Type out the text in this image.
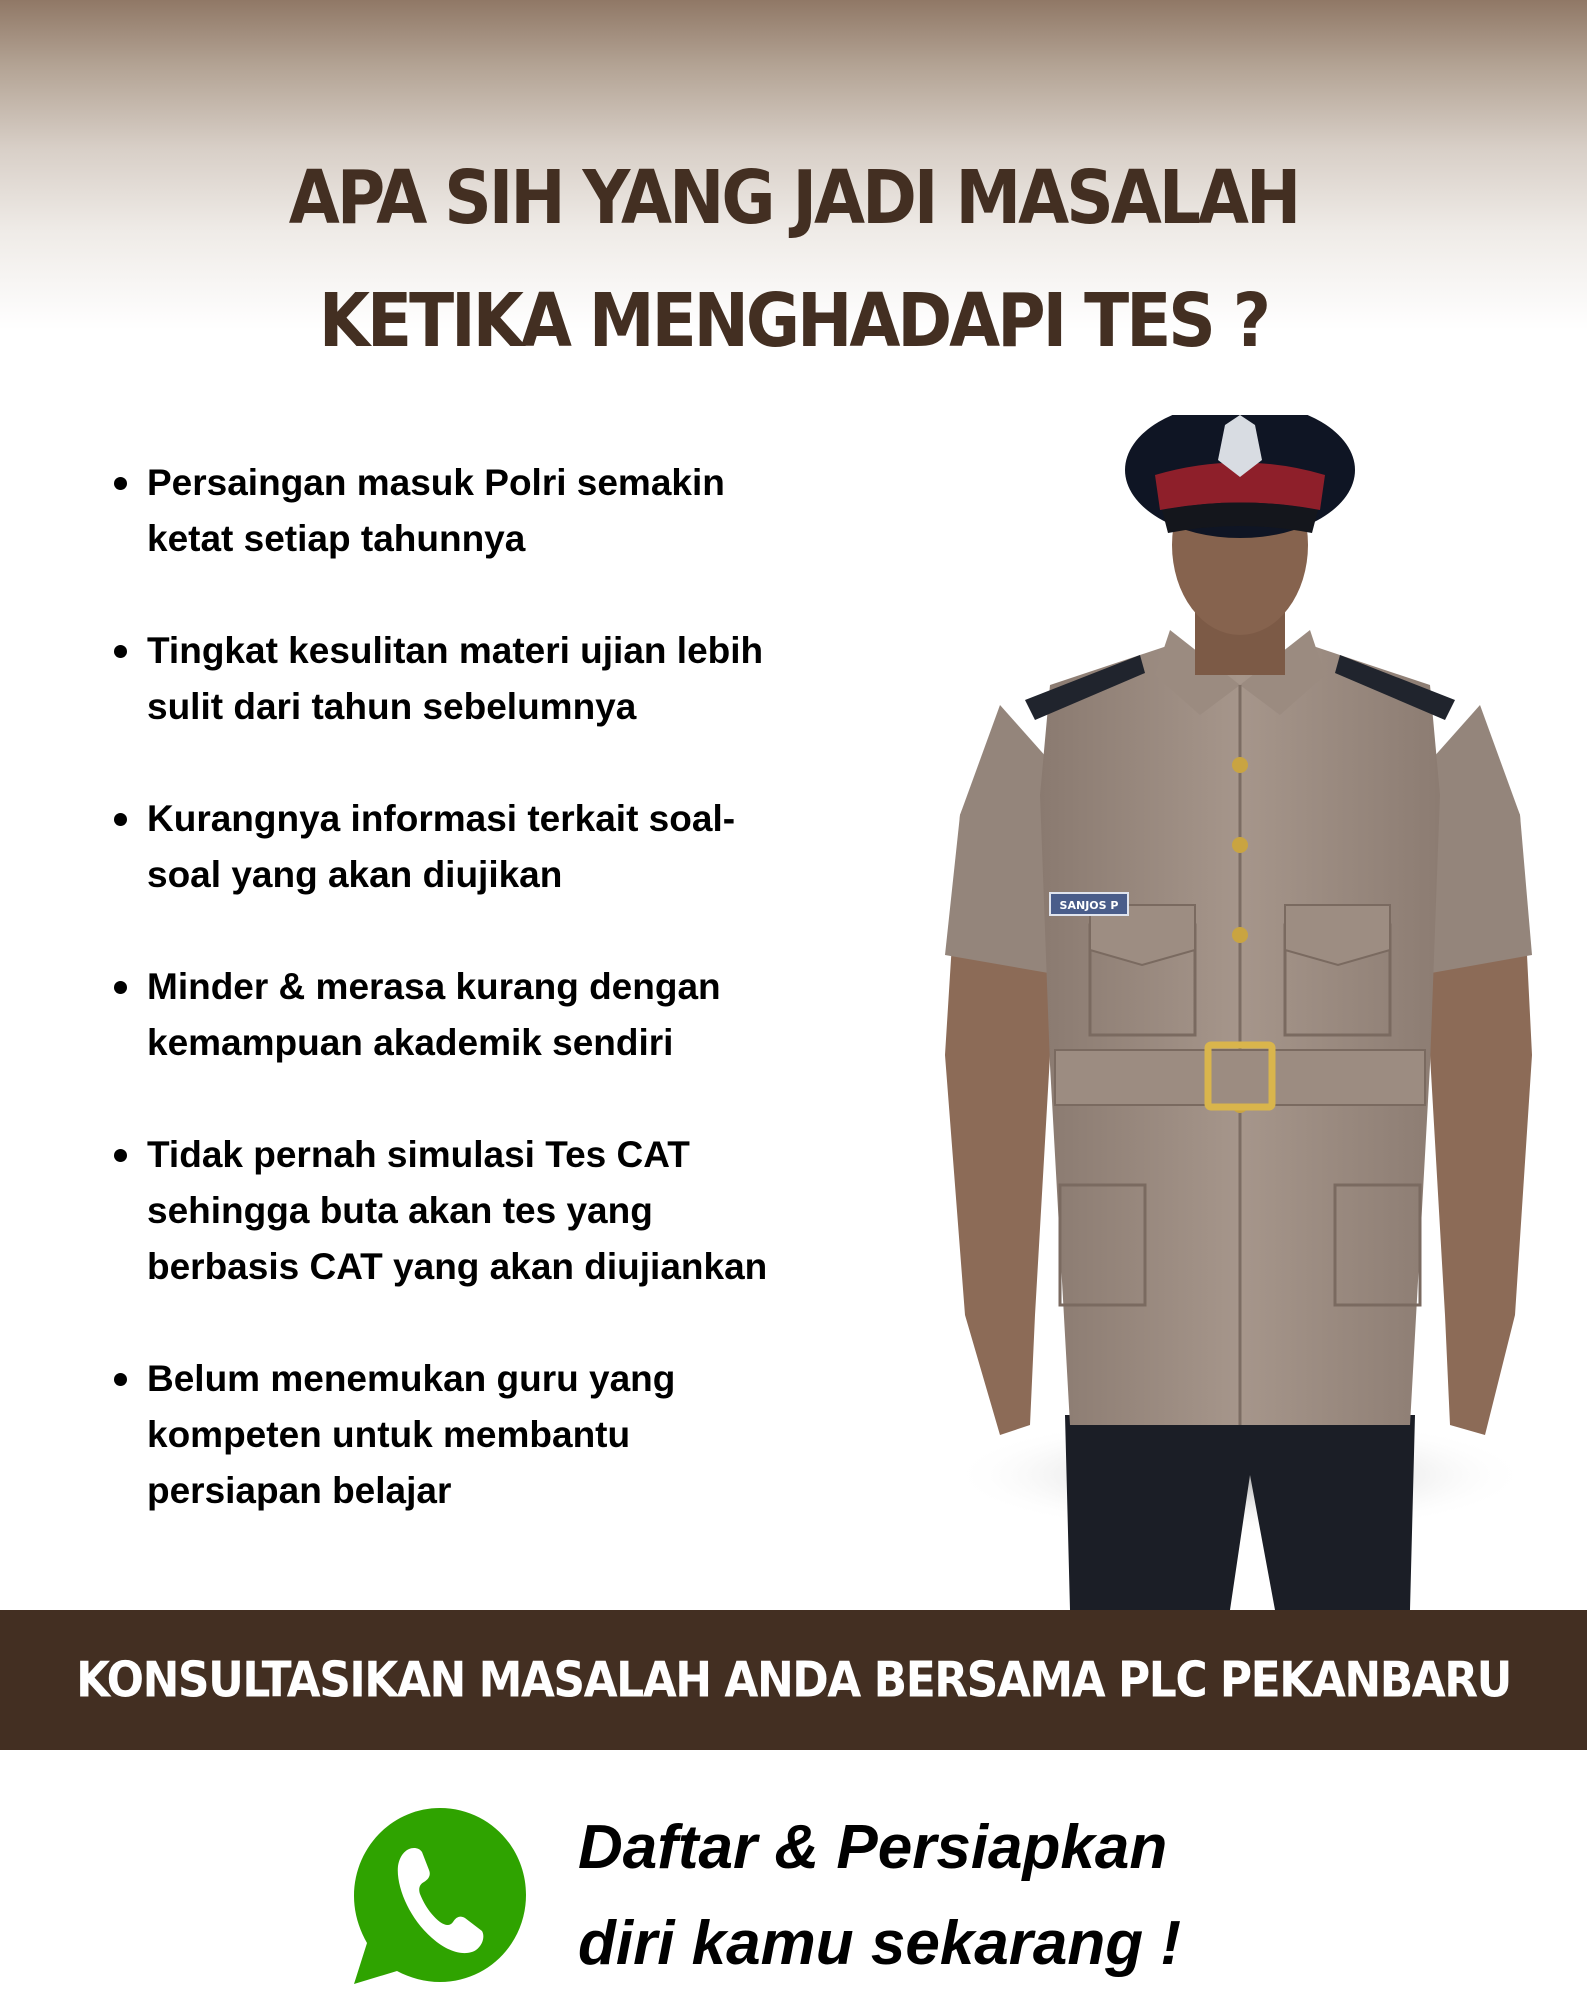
APA SIH YANG JADI MASALAH
KETIKA MENGHADAPI TES ?
Persaingan masuk Polri semakin
ketat setiap tahunnya
Tingkat kesulitan materi ujian lebih
sulit dari tahun sebelumnya
Kurangnya informasi terkait soal-
soal yang akan diujikan
Minder & merasa kurang dengan
kemampuan akademik sendiri
Tidak pernah simulasi Tes CAT
sehingga buta akan tes yang
berbasis CAT yang akan diujiankan
Belum menemukan guru yang
kompeten untuk membantu
persiapan belajar
SANJOS P
KONSULTASIKAN MASALAH ANDA BERSAMA PLC PEKANBARU
Daftar & Persiapkan
diri kamu sekarang !
